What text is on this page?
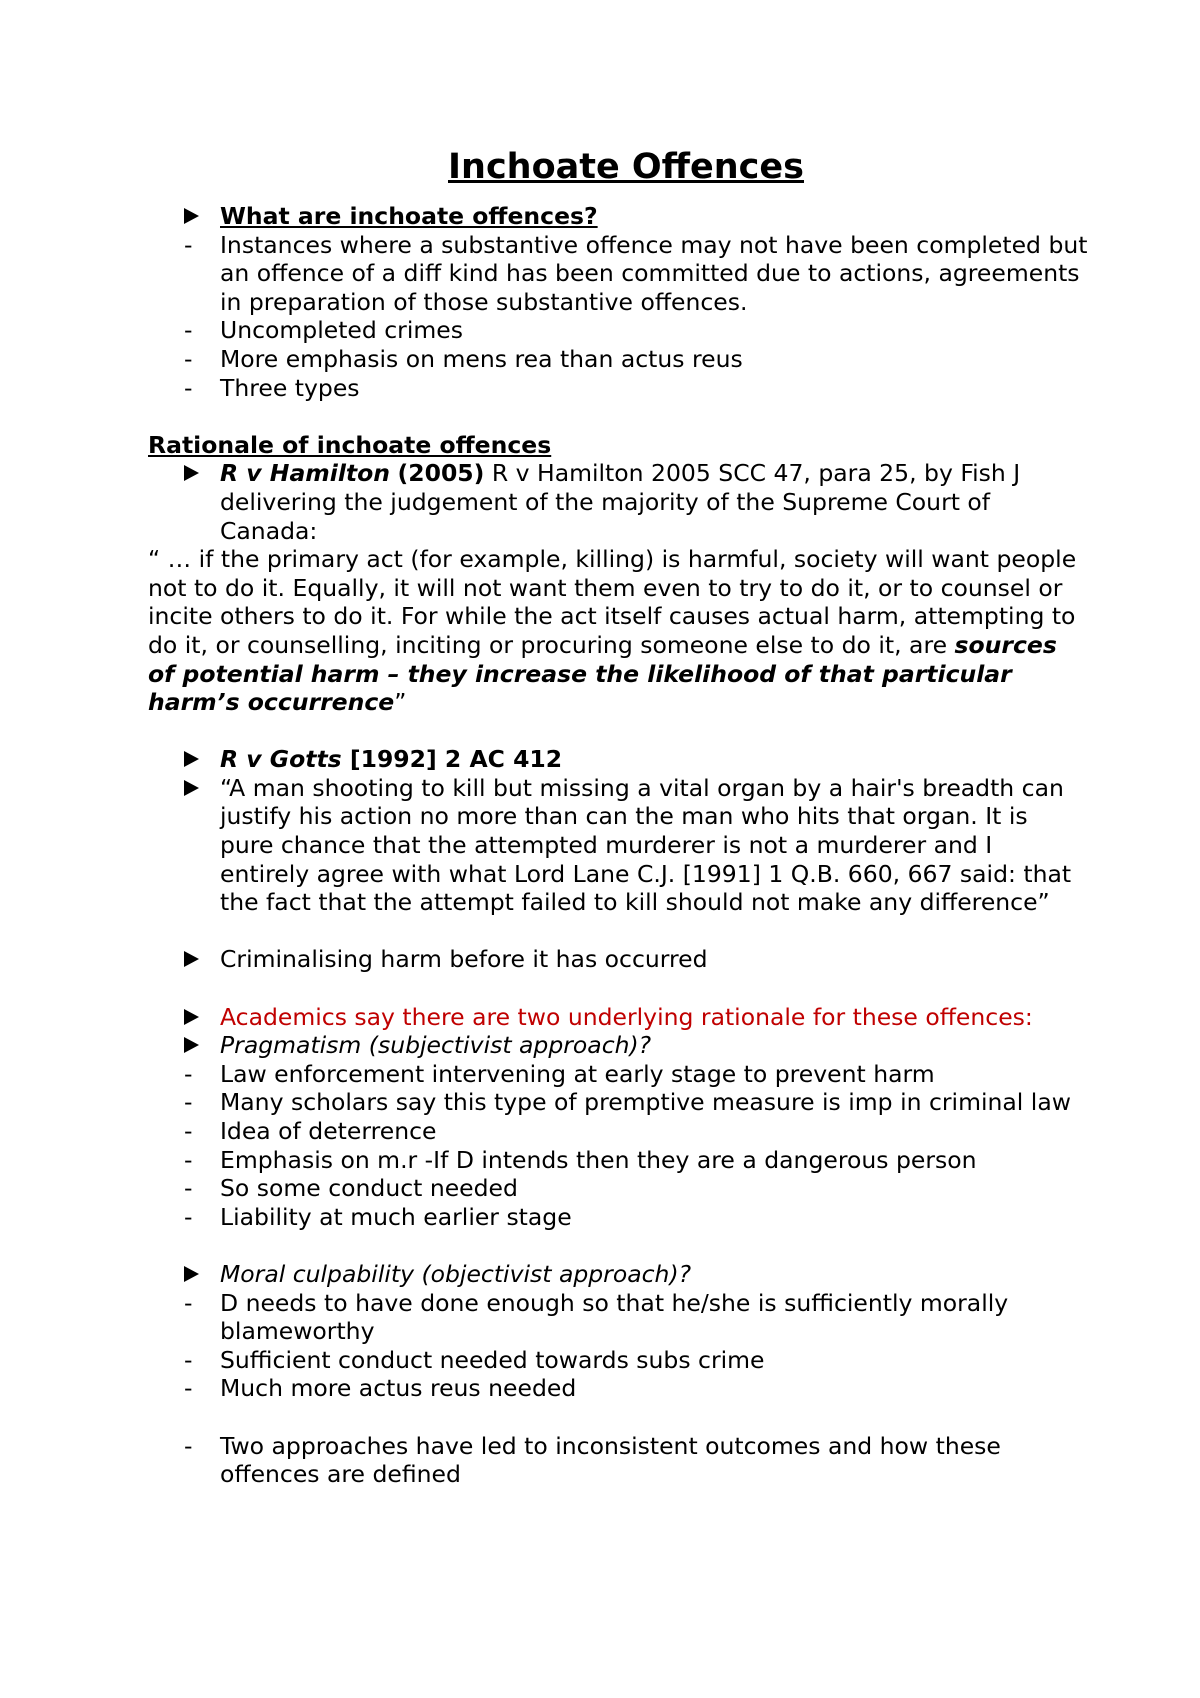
Inchoate Offences
What are inchoate offences?
- Instances where a substantive offence may not have been completed but an offence of a diff kind has been committed due to actions, agreements in preparation of those substantive offences.
- Uncompleted crimes
- More emphasis on mens rea than actus reus
- Three types
Rationale of inchoate offences
R v Hamilton (2005) R v Hamilton 2005 SCC 47, para 25, by Fish J delivering the judgement of the majority of the Supreme Court of Canada:
“ … if the primary act (for example, killing) is harmful, society will want people not to do it. Equally, it will not want them even to try to do it, or to counsel or incite others to do it. For while the act itself causes actual harm, attempting to do it, or counselling, inciting or procuring someone else to do it, are sources of potential harm – they increase the likelihood of that particular harm’s occurrence”
R v Gotts [1992] 2 AC 412
“A man shooting to kill but missing a vital organ by a hair's breadth can justify his action no more than can the man who hits that organ. It is pure chance that the attempted murderer is not a murderer and I entirely agree with what Lord Lane C.J. [1991] 1 Q.B. 660, 667 said: that the fact that the attempt failed to kill should not make any difference”
Criminalising harm before it has occurred
Academics say there are two underlying rationale for these offences:
Pragmatism (subjectivist approach)?
- Law enforcement intervening at early stage to prevent harm
- Many scholars say this type of premptive measure is imp in criminal law
- Idea of deterrence
- Emphasis on m.r -If D intends then they are a dangerous person
- So some conduct needed
- Liability at much earlier stage
Moral culpability (objectivist approach)?
- D needs to have done enough so that he/she is sufficiently morally blameworthy
- Sufficient conduct needed towards subs crime
- Much more actus reus needed
- Two approaches have led to inconsistent outcomes and how these offences are defined
